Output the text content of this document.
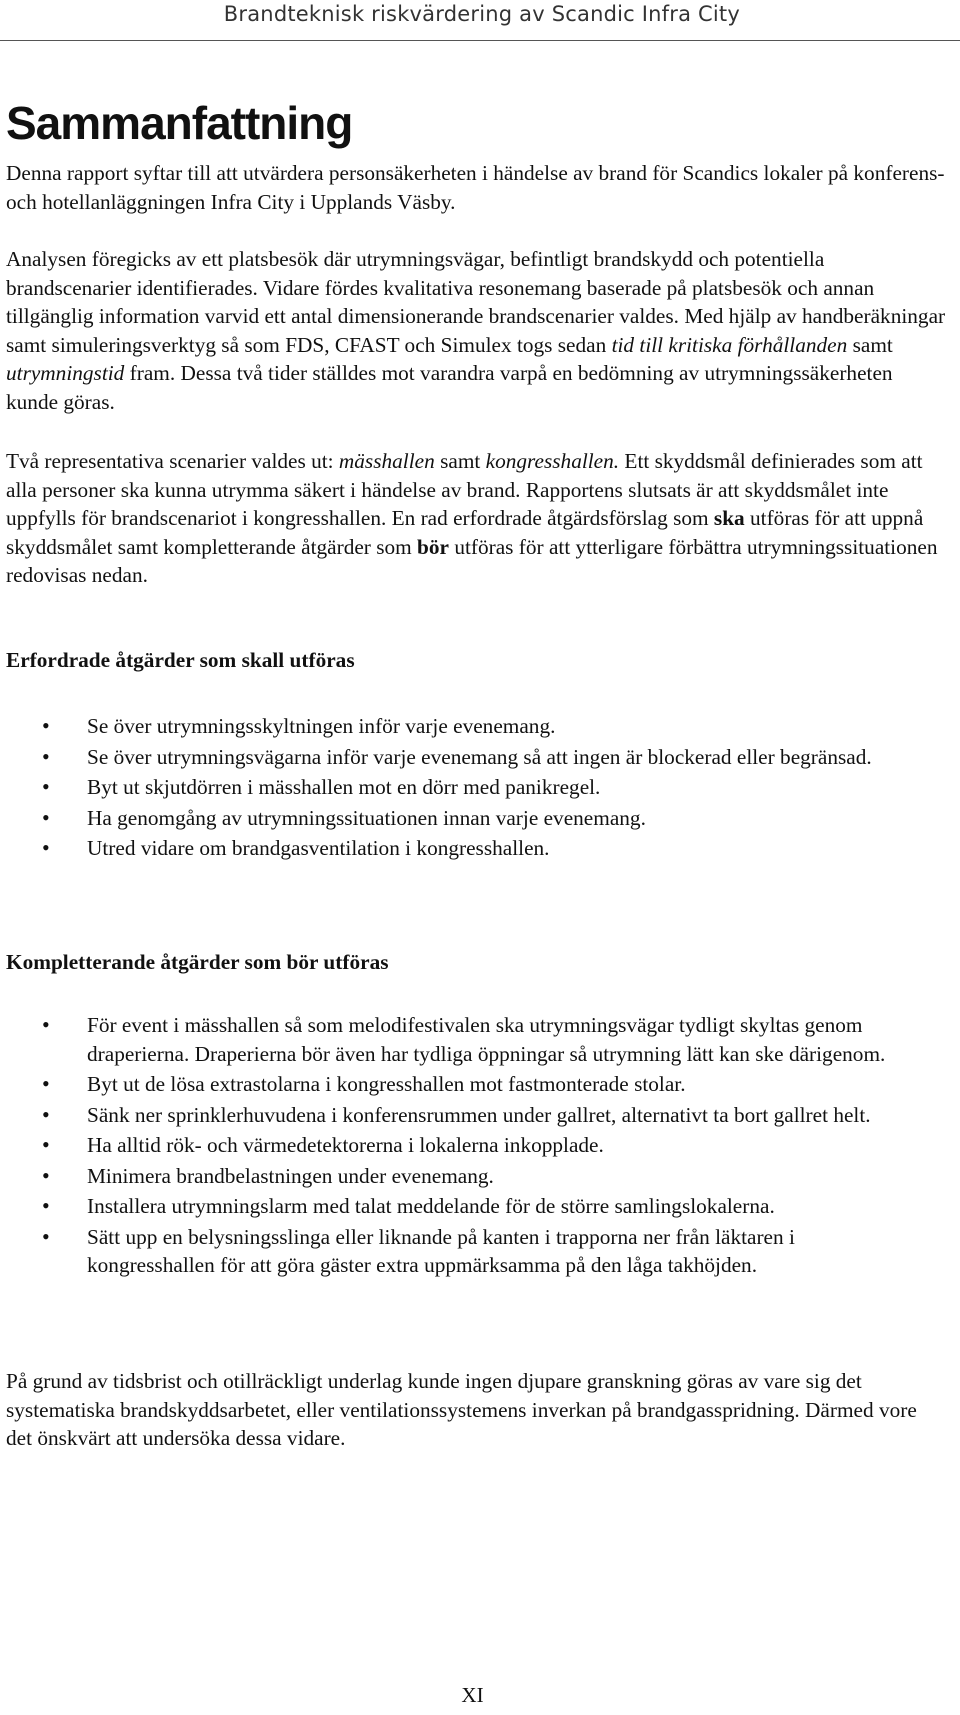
Brandteknisk riskvärdering av Scandic Infra City
Sammanfattning

Denna rapport syftar till att utvärdera personsäkerheten i händelse av brand för Scandics lokaler på konferens- och hotellanläggningen Infra City i Upplands Väsby.

Analysen föregicks av ett platsbesök där utrymningsvägar, befintligt brandskydd och potentiella brandscenarier identifierades. Vidare fördes kvalitativa resonemang baserade på platsbesök och annan tillgänglig information varvid ett antal dimensionerande brandscenarier valdes. Med hjälp av handberäkningar samt simuleringsverktyg så som FDS, CFAST och Simulex togs sedan tid till kritiska förhållanden samt utrymningstid fram. Dessa två tider ställdes mot varandra varpå en bedömning av utrymningssäkerheten kunde göras.

Två representativa scenarier valdes ut: mässhallen samt kongresshallen. Ett skyddsmål definierades som att alla personer ska kunna utrymma säkert i händelse av brand. Rapportens slutsats är att skyddsmålet inte uppfylls för brandscenariot i kongresshallen. En rad erfordrade åtgärdsförslag som ska utföras för att uppnå skyddsmålet samt kompletterande åtgärder som bör utföras för att ytterligare förbättra utrymningssituationen redovisas nedan.

Erfordrade åtgärder som skall utföras
• Se över utrymningsskyltningen inför varje evenemang.
• Se över utrymningsvägarna inför varje evenemang så att ingen är blockerad eller begränsad.
• Byt ut skjutdörren i mässhallen mot en dörr med panikregel.
• Ha genomgång av utrymningssituationen innan varje evenemang.
• Utred vidare om brandgasventilation i kongresshallen.
Kompletterande åtgärder som bör utföras
• För event i mässhallen så som melodifestivalen ska utrymningsvägar tydligt skyltas genom draperierna. Draperierna bör även har tydliga öppningar så utrymning lätt kan ske därigenom.
• Byt ut de lösa extrastolarna i kongresshallen mot fastmonterade stolar.
• Sänk ner sprinklerhuvudena i konferensrummen under gallret, alternativt ta bort gallret helt.
• Ha alltid rök- och värmedetektorerna i lokalerna inkopplade.
• Minimera brandbelastningen under evenemang.
• Installera utrymningslarm med talat meddelande för de större samlingslokalerna.
• Sätt upp en belysningsslinga eller liknande på kanten i trapporna ner från läktaren i kongresshallen för att göra gäster extra uppmärksamma på den låga takhöjden.

På grund av tidsbrist och otillräckligt underlag kunde ingen djupare granskning göras av vare sig det systematiska brandskyddsarbetet, eller ventilationssystemens inverkan på brandgasspridning. Därmed vore det önskvärt att undersöka dessa vidare.

XI
